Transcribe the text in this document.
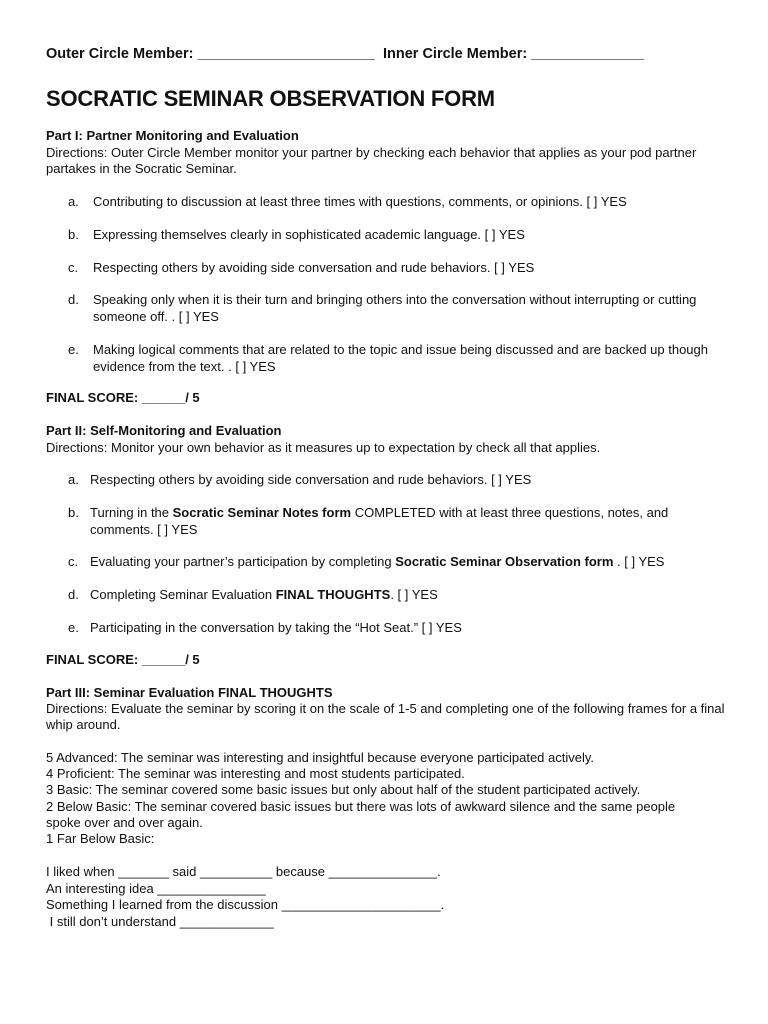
Outer Circle Member: ______________________ Inner Circle Member: ______________
SOCRATIC SEMINAR OBSERVATION FORM
Part I: Partner Monitoring and Evaluation
Directions: Outer Circle Member monitor your partner by checking each behavior that applies as your pod partner partakes in the Socratic Seminar.
a. Contributing to discussion at least three times with questions, comments, or opinions. [ ] YES
b. Expressing themselves clearly in sophisticated academic language. [ ] YES
c. Respecting others by avoiding side conversation and rude behaviors. [ ] YES
d. Speaking only when it is their turn and bringing others into the conversation without interrupting or cutting someone off. . [ ] YES
e. Making logical comments that are related to the topic and issue being discussed and are backed up though evidence from the text. . [ ] YES
FINAL SCORE: ______/ 5
Part II: Self-Monitoring and Evaluation
Directions: Monitor your own behavior as it measures up to expectation by check all that applies.
a. Respecting others by avoiding side conversation and rude behaviors. [ ] YES
b. Turning in the Socratic Seminar Notes form COMPLETED with at least three questions, notes, and comments. [ ] YES
c. Evaluating your partner’s participation by completing Socratic Seminar Observation form . [ ] YES
d. Completing Seminar Evaluation FINAL THOUGHTS. [ ] YES
e. Participating in the conversation by taking the “Hot Seat.” [ ] YES
FINAL SCORE: ______/ 5
Part III: Seminar Evaluation FINAL THOUGHTS
Directions: Evaluate the seminar by scoring it on the scale of 1-5 and completing one of the following frames for a final whip around.
5 Advanced: The seminar was interesting and insightful because everyone participated actively.
4 Proficient: The seminar was interesting and most students participated.
3 Basic: The seminar covered some basic issues but only about half of the student participated actively.
2 Below Basic: The seminar covered basic issues but there was lots of awkward silence and the same people
spoke over and over again.
1 Far Below Basic:
I liked when _______ said __________ because _______________.
An interesting idea _______________
Something I learned from the discussion ______________________.
I still don’t understand _____________
